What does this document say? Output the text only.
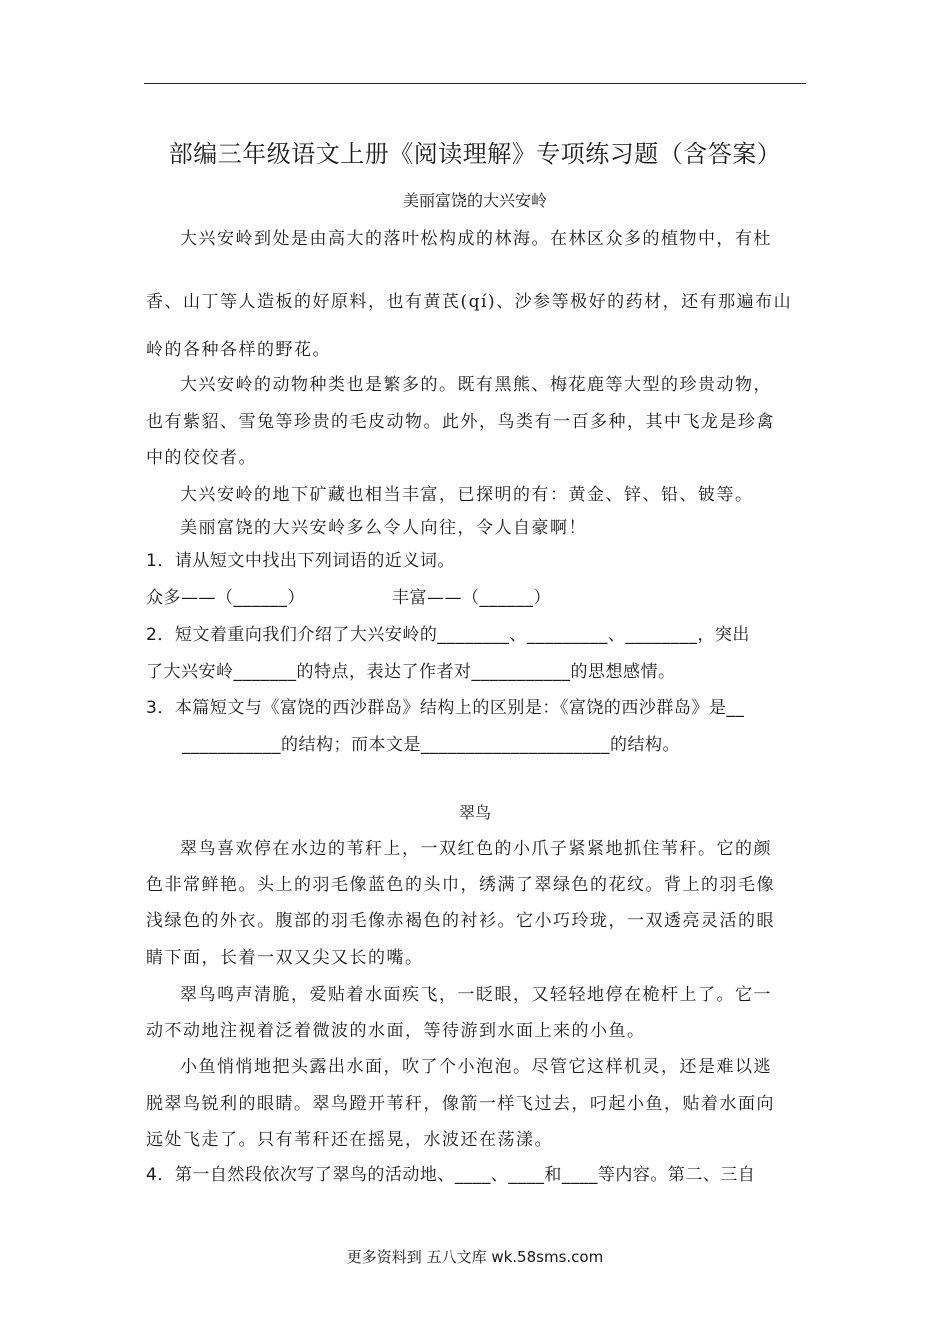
部编三年级语文上册《阅读理解》专项练习题（含答案）
美丽富饶的大兴安岭
大兴安岭到处是由高大的落叶松构成的林海。在林区众多的植物中，有杜
香、山丁等人造板的好原料，也有黄芪(qí)、沙参等极好的药材，还有那遍布山
岭的各种各样的野花。
大兴安岭的动物种类也是繁多的。既有黑熊、梅花鹿等大型的珍贵动物，
也有紫貂、雪兔等珍贵的毛皮动物。此外，鸟类有一百多种，其中飞龙是珍禽
中的佼佼者。
大兴安岭的地下矿藏也相当丰富，已探明的有：黄金、锌、铅、铍等。
美丽富饶的大兴安岭多么令人向往，令人自豪啊！
1．请从短文中找出下列词语的近义词。
众多——（______）	丰富——（______）
2．短文着重向我们介绍了大兴安岭的________、_________、________，突出
了大兴安岭_______的特点，表达了作者对___________的思想感情。
3．本篇短文与《富饶的西沙群岛》结构上的区别是：《富饶的西沙群岛》是__
___________的结构；而本文是_____________________的结构。
翠鸟
翠鸟喜欢停在水边的苇秆上，一双红色的小爪子紧紧地抓住苇秆。它的颜
色非常鲜艳。头上的羽毛像蓝色的头巾，绣满了翠绿色的花纹。背上的羽毛像
浅绿色的外衣。腹部的羽毛像赤褐色的衬衫。它小巧玲珑，一双透亮灵活的眼
睛下面，长着一双又尖又长的嘴。
翠鸟鸣声清脆，爱贴着水面疾飞，一眨眼，又轻轻地停在桅杆上了。它一
动不动地注视着泛着微波的水面，等待游到水面上来的小鱼。
小鱼悄悄地把头露出水面，吹了个小泡泡。尽管它这样机灵，还是难以逃
脱翠鸟锐利的眼睛。翠鸟蹬开苇秆，像箭一样飞过去，叼起小鱼，贴着水面向
远处飞走了。只有苇秆还在摇晃，水波还在荡漾。
4．第一自然段依次写了翠鸟的活动地、____、____和____等内容。第二、三自
更多资料到 五八文库 wk.58sms.com
